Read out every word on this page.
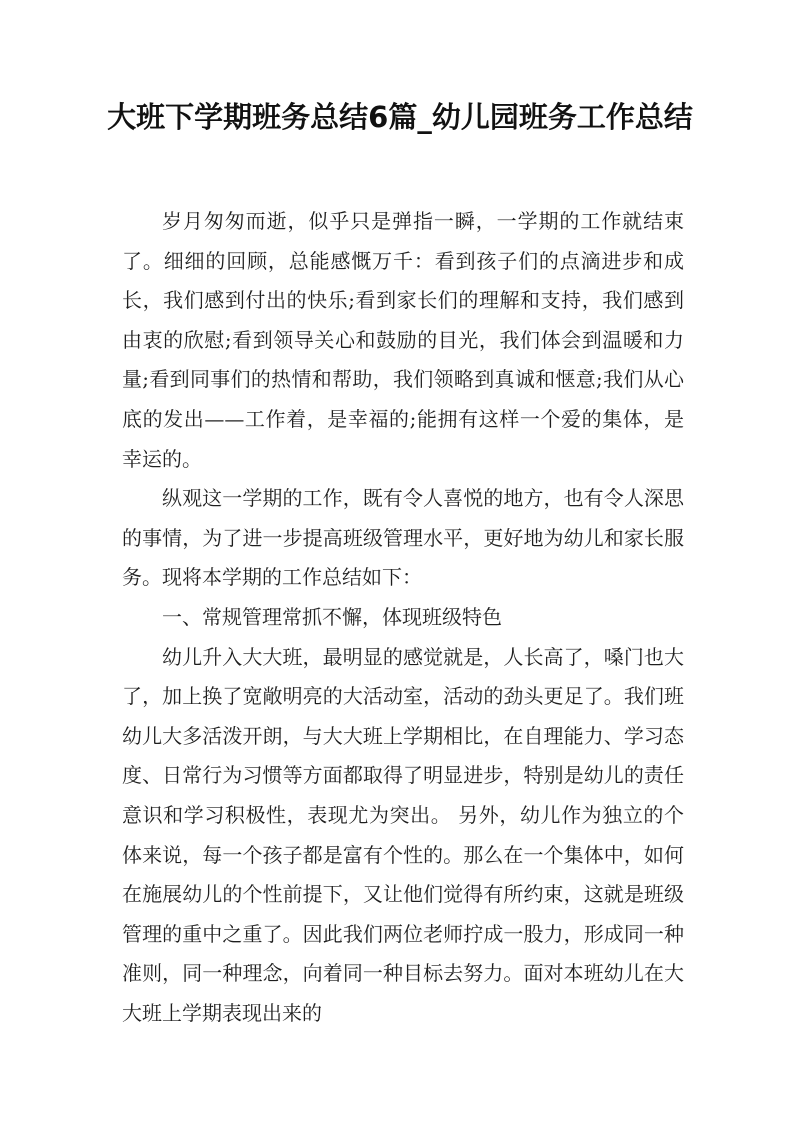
大班下学期班务总结6篇_幼儿园班务工作总结

岁月匆匆而逝，似乎只是弹指一瞬，一学期的工作就结束了。细细的回顾，总能感慨万千：看到孩子们的点滴进步和成长，我们感到付出的快乐;看到家长们的理解和支持，我们感到由衷的欣慰;看到领导关心和鼓励的目光，我们体会到温暖和力量;看到同事们的热情和帮助，我们领略到真诚和惬意;我们从心底的发出——工作着，是幸福的;能拥有这样一个爱的集体，是幸运的。

纵观这一学期的工作，既有令人喜悦的地方，也有令人深思的事情，为了进一步提高班级管理水平，更好地为幼儿和家长服务。现将本学期的工作总结如下：

一、常规管理常抓不懈，体现班级特色

幼儿升入大大班，最明显的感觉就是，人长高了，嗓门也大了，加上换了宽敞明亮的大活动室，活动的劲头更足了。我们班幼儿大多活泼开朗，与大大班上学期相比，在自理能力、学习态度、日常行为习惯等方面都取得了明显进步，特别是幼儿的责任意识和学习积极性，表现尤为突出。 另外，幼儿作为独立的个体来说，每一个孩子都是富有个性的。那么在一个集体中，如何在施展幼儿的个性前提下，又让他们觉得有所约束，这就是班级管理的重中之重了。因此我们两位老师拧成一股力，形成同一种准则，同一种理念，向着同一种目标去努力。面对本班幼儿在大大班上学期表现出来的
